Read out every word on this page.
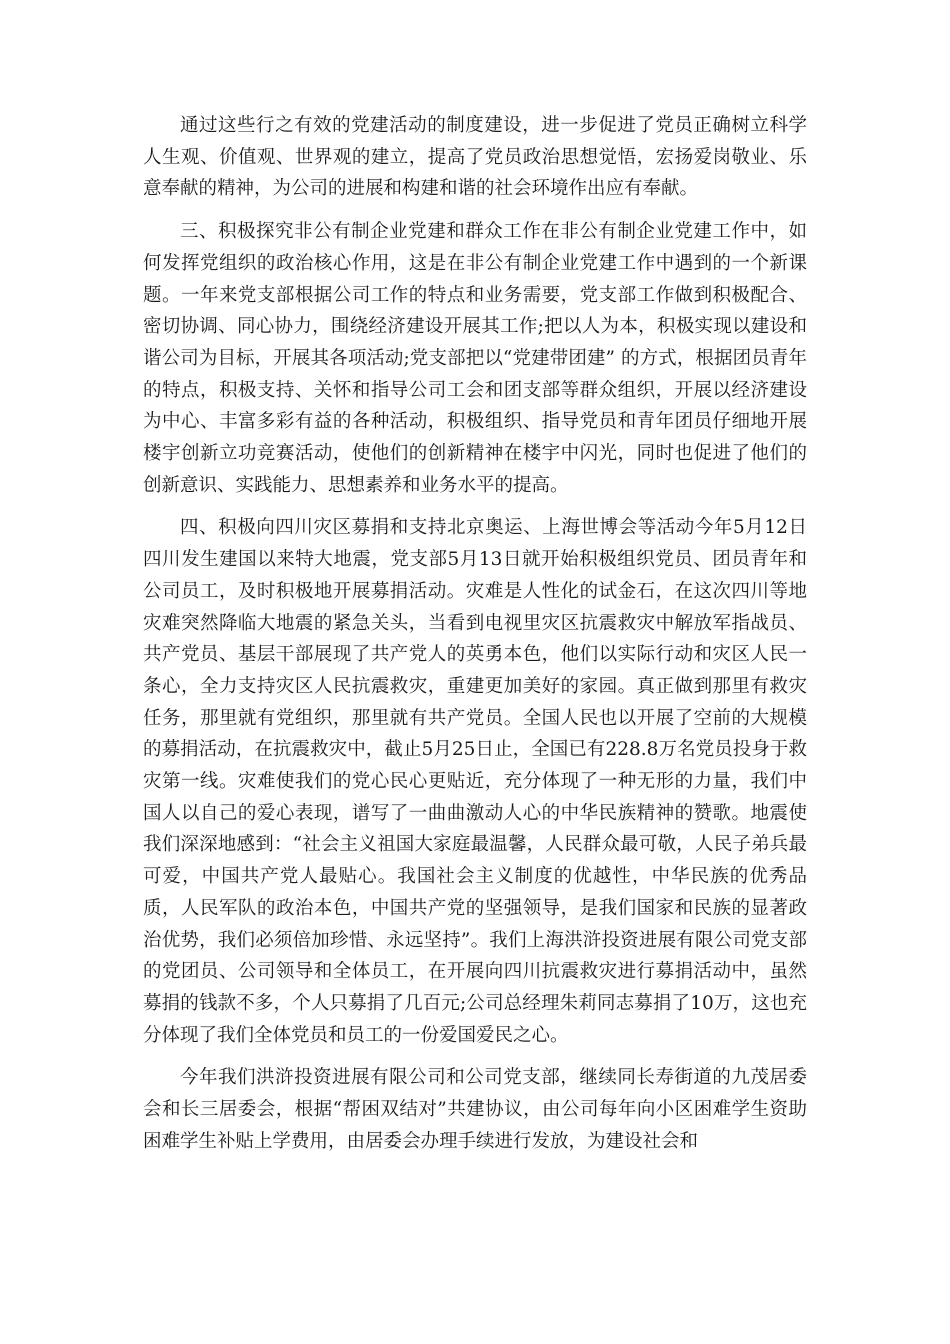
通过这些行之有效的党建活动的制度建设，进一步促进了党员正确树立科学人生观、价值观、世界观的建立，提高了党员政治思想觉悟，宏扬爱岗敬业、乐意奉献的精神，为公司的进展和构建和谐的社会环境作出应有奉献。

三、积极探究非公有制企业党建和群众工作在非公有制企业党建工作中，如何发挥党组织的政治核心作用，这是在非公有制企业党建工作中遇到的一个新课题。一年来党支部根据公司工作的特点和业务需要，党支部工作做到积极配合、密切协调、同心协力，围绕经济建设开展其工作;把以人为本，积极实现以建设和谐公司为目标，开展其各项活动;党支部把以“党建带团建” 的方式，根据团员青年的特点，积极支持、关怀和指导公司工会和团支部等群众组织，开展以经济建设为中心、丰富多彩有益的各种活动，积极组织、指导党员和青年团员仔细地开展楼宇创新立功竞赛活动，使他们的创新精神在楼宇中闪光，同时也促进了他们的创新意识、实践能力、思想素养和业务水平的提高。

四、积极向四川灾区募捐和支持北京奥运、上海世博会等活动今年5月12日四川发生建国以来特大地震，党支部5月13日就开始积极组织党员、团员青年和公司员工，及时积极地开展募捐活动。灾难是人性化的试金石，在这次四川等地灾难突然降临大地震的紧急关头，当看到电视里灾区抗震救灾中解放军指战员、共产党员、基层干部展现了共产党人的英勇本色，他们以实际行动和灾区人民一条心，全力支持灾区人民抗震救灾，重建更加美好的家园。真正做到那里有救灾任务，那里就有党组织，那里就有共产党员。全国人民也以开展了空前的大规模的募捐活动，在抗震救灾中，截止5月25日止，全国已有228.8万名党员投身于救灾第一线。灾难使我们的党心民心更贴近，充分体现了一种无形的力量，我们中国人以自己的爱心表现，谱写了一曲曲激动人心的中华民族精神的赞歌。地震使我们深深地感到：“社会主义祖国大家庭最温馨，人民群众最可敬，人民子弟兵最可爱，中国共产党人最贴心。我国社会主义制度的优越性，中华民族的优秀品质，人民军队的政治本色，中国共产党的坚强领导，是我们国家和民族的显著政治优势，我们必须倍加珍惜、永远坚持”。我们上海洪浒投资进展有限公司党支部的党团员、公司领导和全体员工，在开展向四川抗震救灾进行募捐活动中，虽然募捐的钱款不多，个人只募捐了几百元;公司总经理朱莉同志募捐了10万，这也充分体现了我们全体党员和员工的一份爱国爱民之心。

今年我们洪浒投资进展有限公司和公司党支部，继续同长寿街道的九茂居委会和长三居委会，根据“帮困双结对”共建协议，由公司每年向小区困难学生资助困难学生补贴上学费用，由居委会办理手续进行发放，为建设社会和
